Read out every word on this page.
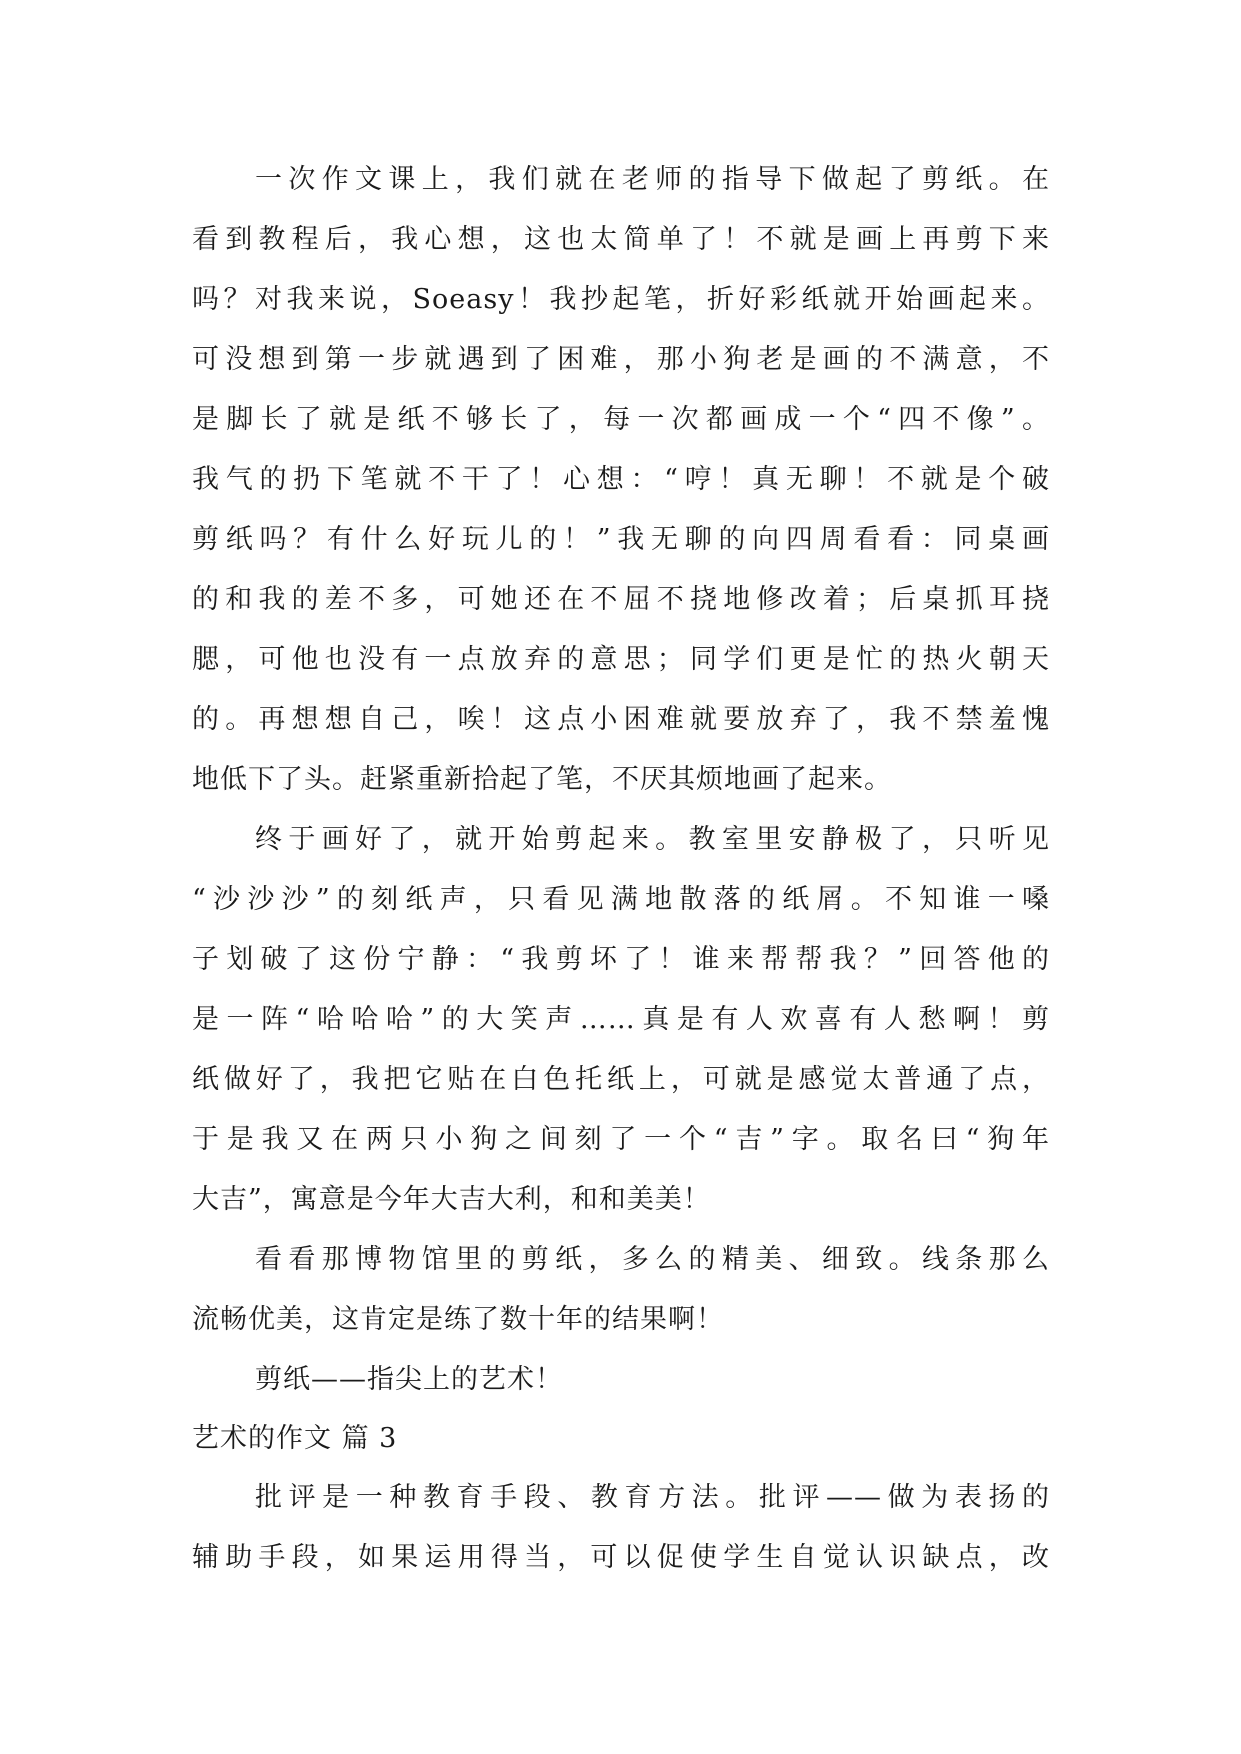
一次作文课上，我们就在老师的指导下做起了剪纸。在
看到教程后，我心想，这也太简单了！不就是画上再剪下来
吗？对我来说，Soeasy！我抄起笔，折好彩纸就开始画起来。
可没想到第一步就遇到了困难，那小狗老是画的不满意，不
是脚长了就是纸不够长了，每一次都画成一个“四不像”。
我气的扔下笔就不干了！心想：“哼！真无聊！不就是个破
剪纸吗？有什么好玩儿的！”我无聊的向四周看看：同桌画
的和我的差不多，可她还在不屈不挠地修改着；后桌抓耳挠
腮，可他也没有一点放弃的意思；同学们更是忙的热火朝天
的。再想想自己，唉！这点小困难就要放弃了，我不禁羞愧
地低下了头。赶紧重新拾起了笔，不厌其烦地画了起来。
终于画好了，就开始剪起来。教室里安静极了，只听见
“沙沙沙”的刻纸声，只看见满地散落的纸屑。不知谁一嗓
子划破了这份宁静：“我剪坏了！谁来帮帮我？”回答他的
是一阵“哈哈哈”的大笑声……真是有人欢喜有人愁啊！剪
纸做好了，我把它贴在白色托纸上，可就是感觉太普通了点，
于是我又在两只小狗之间刻了一个“吉”字。取名曰“狗年
大吉”，寓意是今年大吉大利，和和美美！
看看那博物馆里的剪纸，多么的精美、细致。线条那么
流畅优美，这肯定是练了数十年的结果啊！
剪纸——指尖上的艺术！
艺术的作文 篇 3
批评是一种教育手段、教育方法。批评——做为表扬的
辅助手段，如果运用得当，可以促使学生自觉认识缺点，改
